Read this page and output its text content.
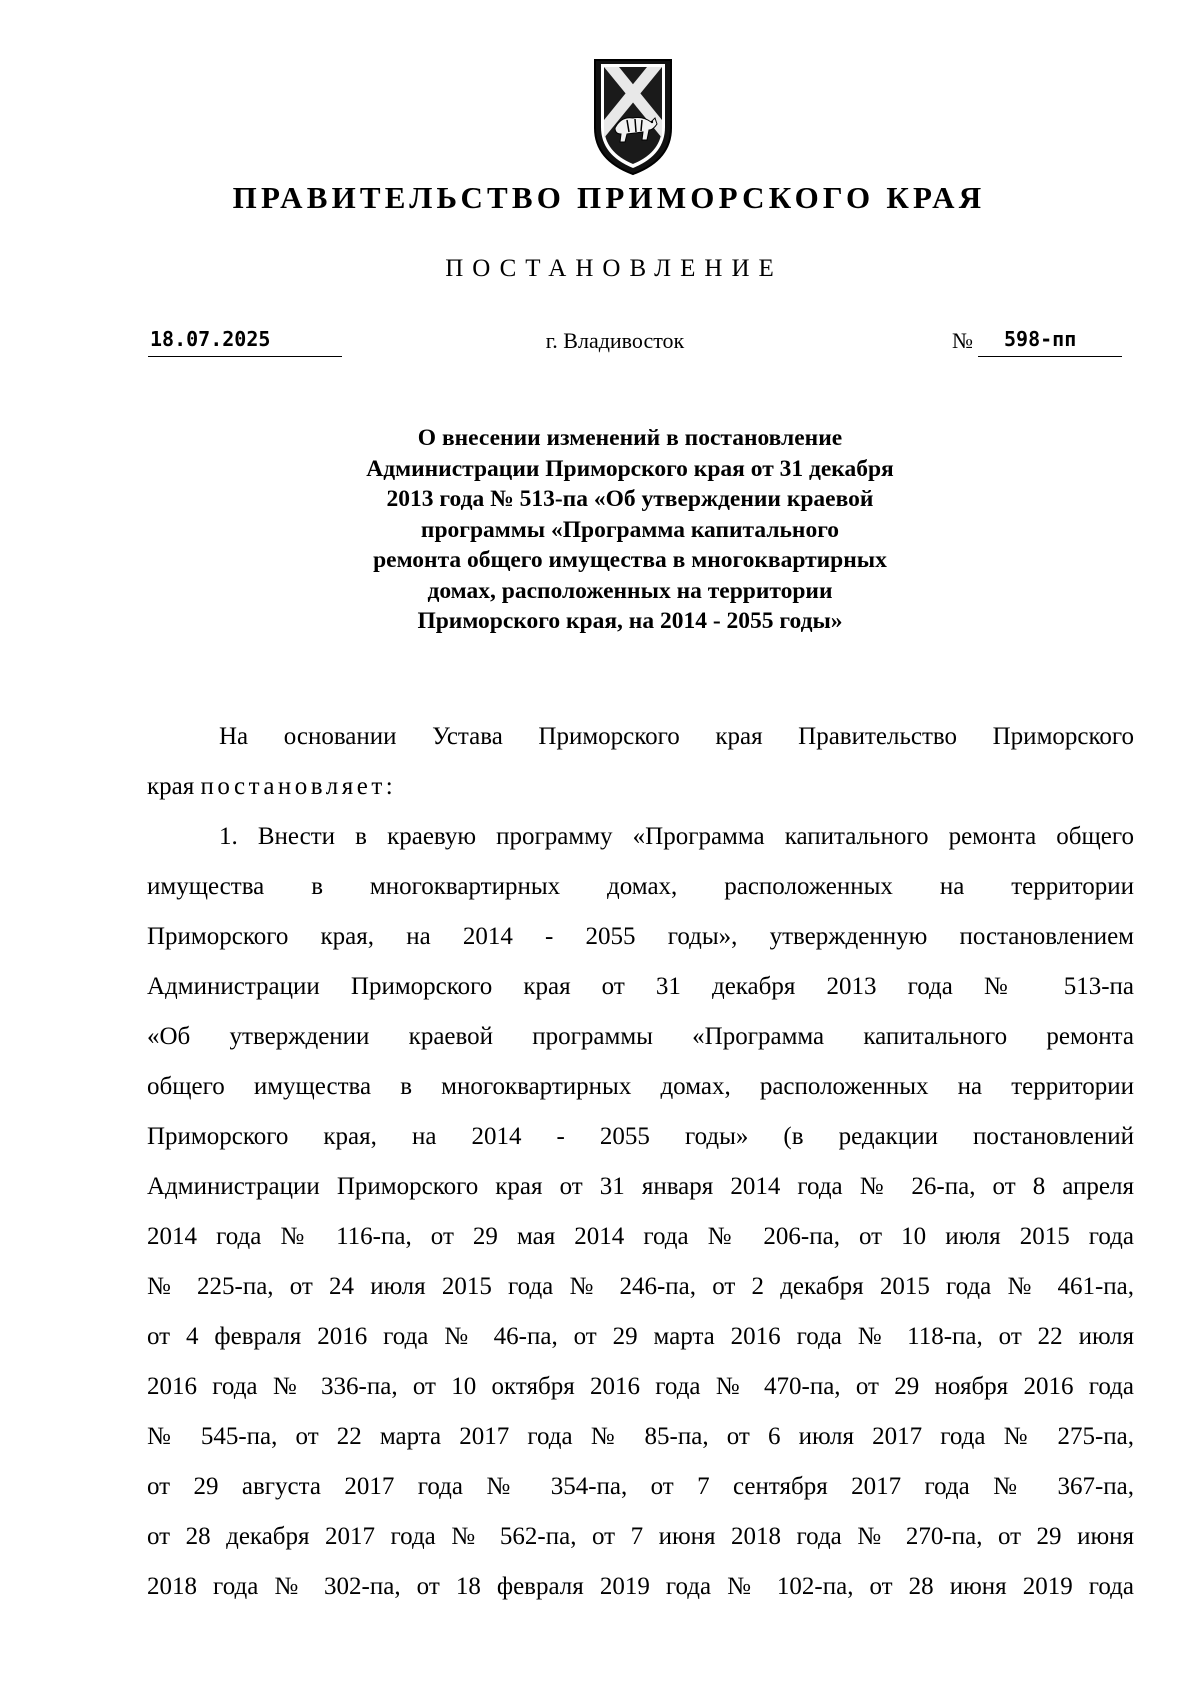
ПРАВИТЕЛЬСТВО ПРИМОРСКОГО КРАЯ
ПОСТАНОВЛЕНИЕ
18.07.2025	г. Владивосток	№	598-пп
О внесении изменений в постановление
Администрации Приморского края от 31 декабря
2013 года № 513-па «Об утверждении краевой
программы «Программа капитального
ремонта общего имущества в многоквартирных
домах, расположенных на территории
Приморского края, на 2014 - 2055 годы»
На основании Устава Приморского края Правительство Приморского
края постановляет:
1. Внести в краевую программу «Программа капитального ремонта общего
имущества в многоквартирных домах, расположенных на территории
Приморского края, на 2014 - 2055 годы», утвержденную постановлением
Администрации Приморского края от 31 декабря 2013 года № 513-па
«Об утверждении краевой программы «Программа капитального ремонта
общего имущества в многоквартирных домах, расположенных на территории
Приморского края, на 2014 - 2055 годы» (в редакции постановлений
Администрации Приморского края от 31 января 2014 года № 26-па, от 8 апреля
2014 года № 116-па, от 29 мая 2014 года № 206-па, от 10 июля 2015 года
№ 225-па, от 24 июля 2015 года № 246-па, от 2 декабря 2015 года № 461-па,
от 4 февраля 2016 года № 46-па, от 29 марта 2016 года № 118-па, от 22 июля
2016 года № 336-па, от 10 октября 2016 года № 470-па, от 29 ноября 2016 года
№ 545-па, от 22 марта 2017 года № 85-па, от 6 июля 2017 года № 275-па,
от 29 августа 2017 года № 354-па, от 7 сентября 2017 года № 367-па,
от 28 декабря 2017 года № 562-па, от 7 июня 2018 года № 270-па, от 29 июня
2018 года № 302-па, от 18 февраля 2019 года № 102-па, от 28 июня 2019 года
